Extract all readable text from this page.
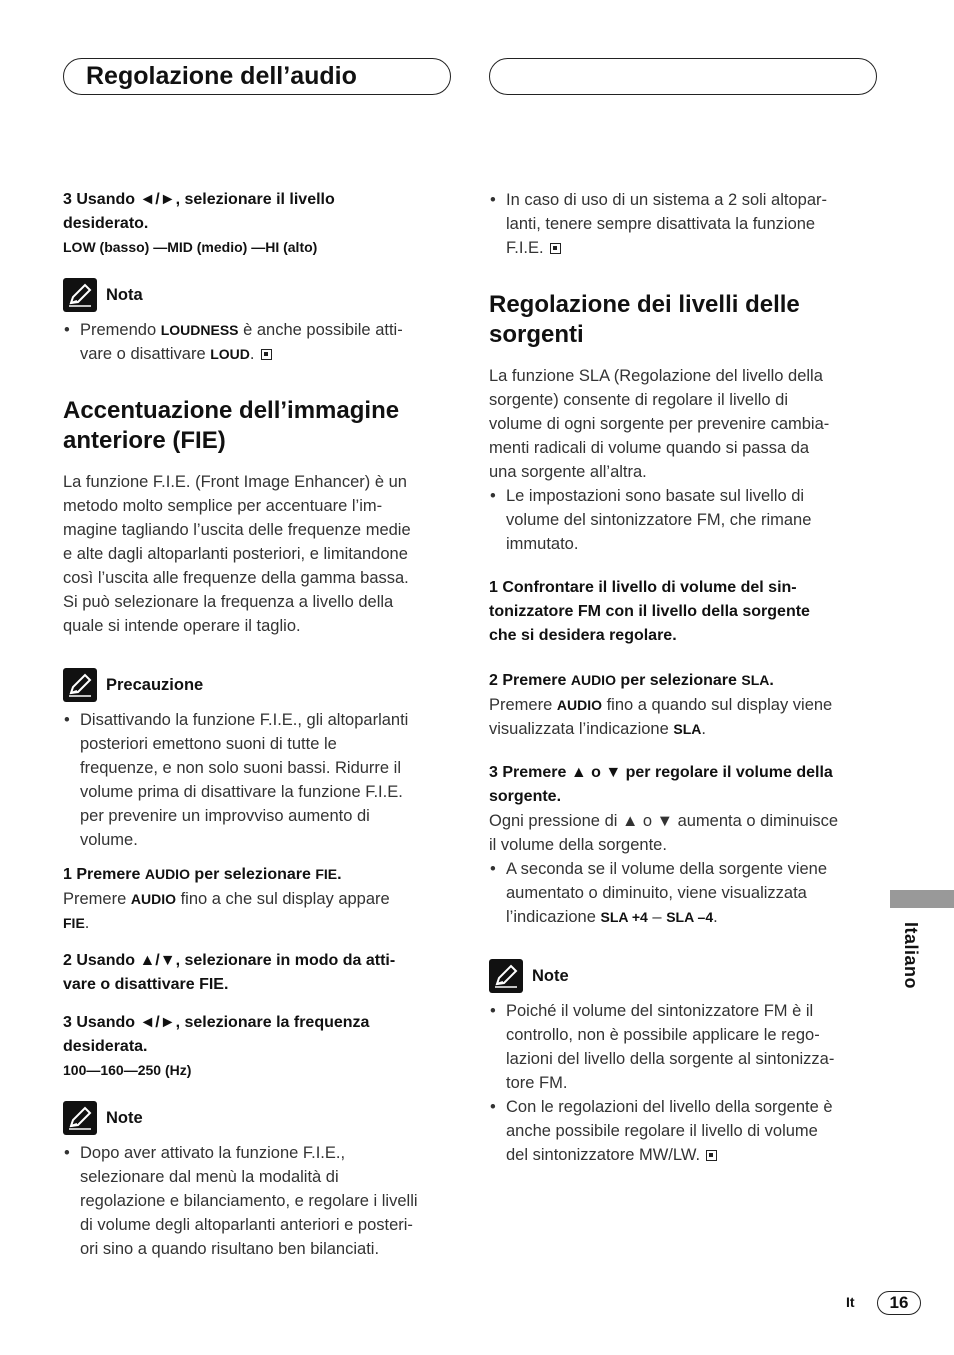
Regolazione dell’audio
3 Usando ◄/►, selezionare il livello
desiderato.
LOW (basso) —MID (medio) —HI (alto)
Nota
• Premendo LOUDNESS è anche possibile atti-
vare o disattivare LOUD.
Accentuazione dell’immagine
anteriore (FIE)
La funzione F.I.E. (Front Image Enhancer) è un
metodo molto semplice per accentuare l’im-
magine tagliando l’uscita delle frequenze medie
e alte dagli altoparlanti posteriori, e limitandone
così l’uscita alle frequenze della gamma bassa.
Si può selezionare la frequenza a livello della
quale si intende operare il taglio.
Precauzione
• Disattivando la funzione F.I.E., gli altoparlanti
posteriori emettono suoni di tutte le
frequenze, e non solo suoni bassi. Ridurre il
volume prima di disattivare la funzione F.I.E.
per prevenire un improvviso aumento di
volume.
1 Premere AUDIO per selezionare FIE.
Premere AUDIO fino a che sul display appare
FIE.
2 Usando ▲/▼, selezionare in modo da atti-
vare o disattivare FIE.
3 Usando ◄/►, selezionare la frequenza
desiderata.
100—160—250 (Hz)
Note
• Dopo aver attivato la funzione F.I.E.,
selezionare dal menù la modalità di
regolazione e bilanciamento, e regolare i livelli
di volume degli altoparlanti anteriori e posteri-
ori sino a quando risultano ben bilanciati.
• In caso di uso di un sistema a 2 soli altopar-
lanti, tenere sempre disattivata la funzione
F.I.E.
Regolazione dei livelli delle
sorgenti
La funzione SLA (Regolazione del livello della
sorgente) consente di regolare il livello di
volume di ogni sorgente per prevenire cambia-
menti radicali di volume quando si passa da
una sorgente all’altra.
• Le impostazioni sono basate sul livello di
volume del sintonizzatore FM, che rimane
immutato.
1 Confrontare il livello di volume del sin-
tonizzatore FM con il livello della sorgente
che si desidera regolare.
2 Premere AUDIO per selezionare SLA.
Premere AUDIO fino a quando sul display viene
visualizzata l’indicazione SLA.
3 Premere ▲ o ▼ per regolare il volume della
sorgente.
Ogni pressione di ▲ o ▼ aumenta o diminuisce
il volume della sorgente.
• A seconda se il volume della sorgente viene
aumentato o diminuito, viene visualizzata
l’indicazione SLA +4 – SLA –4.
Note
• Poiché il volume del sintonizzatore FM è il
controllo, non è possibile applicare le rego-
lazioni del livello della sorgente al sintonizza-
tore FM.
• Con le regolazioni del livello della sorgente è
anche possibile regolare il livello di volume
del sintonizzatore MW/LW.
Italiano
It	16
